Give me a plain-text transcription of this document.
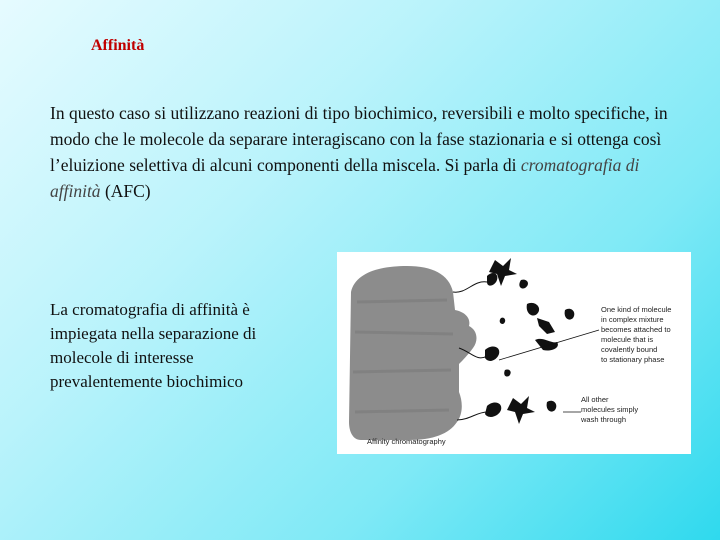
Affinità

In questo caso si utilizzano reazioni di tipo biochimico, reversibili e molto specifiche, in modo che le molecole da separare interagiscano con la fase stazionaria e si ottenga così l’eluizione selettiva di alcuni componenti della miscela. Si parla di cromatografia di affinità (AFC)

La cromatografia di affinità è impiegata nella separazione di molecole di interesse prevalentemente biochimico

One kind of molecule
in complex mixture
becomes attached to
molecule that is
covalently bound
to stationary phase
All other
molecules simply
wash through
Affinity chromatography
